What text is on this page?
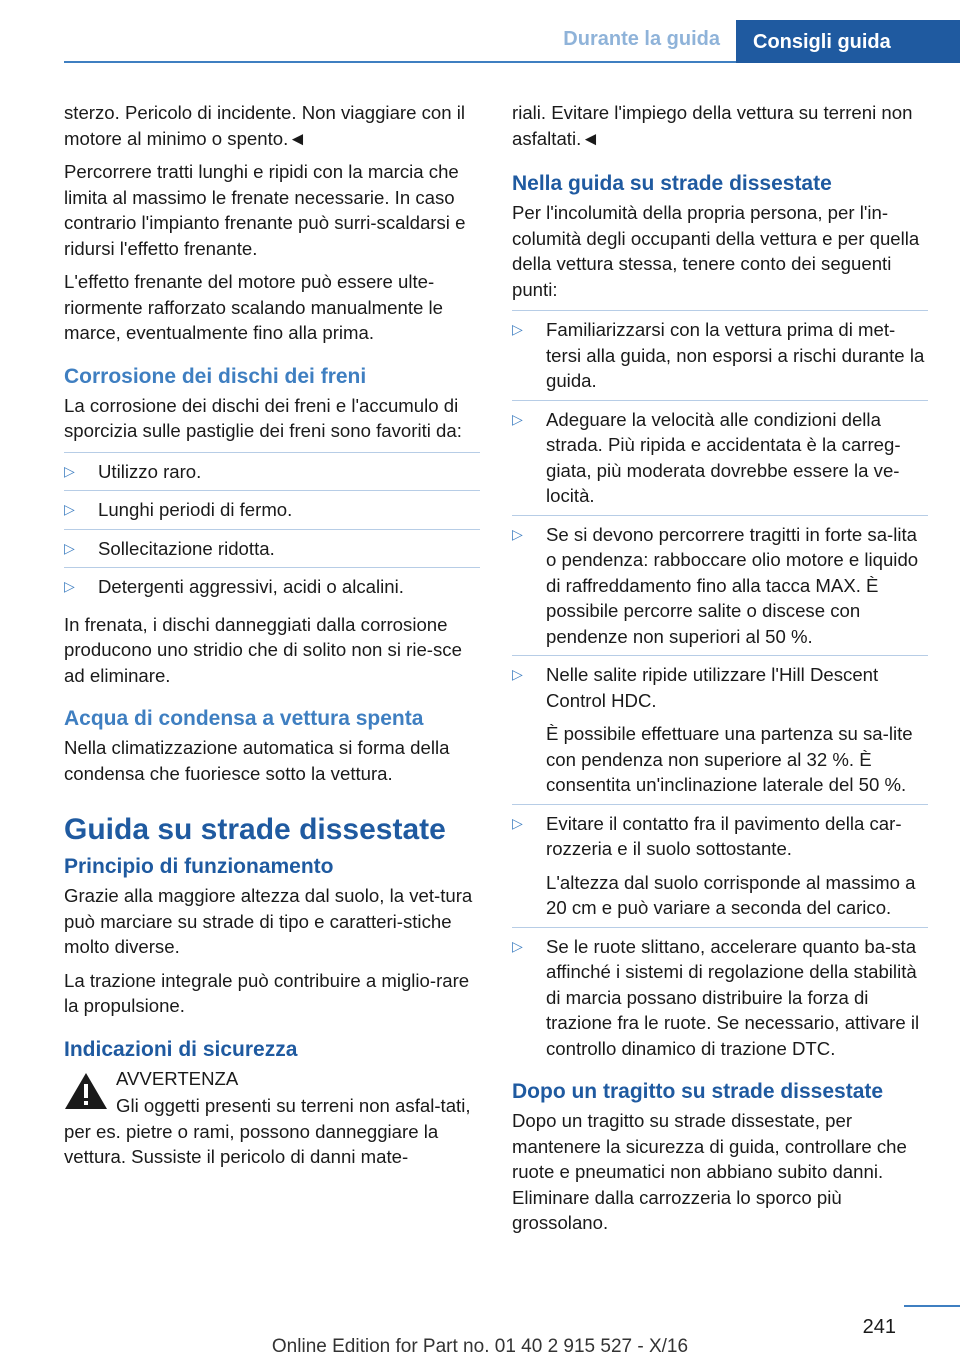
Durante la guida	Consigli guida

sterzo. Pericolo di incidente. Non viaggiare con il motore al minimo o spento.◄

Percorrere tratti lunghi e ripidi con la marcia che limita al massimo le frenate necessarie. In caso contrario l'impianto frenante può surri‐scaldarsi e ridursi l'effetto frenante.

L'effetto frenante del motore può essere ulte‐riormente rafforzato scalando manualmente le marce, eventualmente fino alla prima.

Corrosione dei dischi dei freni

La corrosione dei dischi dei freni e l'accumulo di sporcizia sulle pastiglie dei freni sono favoriti da:

▷ Utilizzo raro.

▷ Lunghi periodi di fermo.

▷ Sollecitazione ridotta.

▷ Detergenti aggressivi, acidi o alcalini.

In frenata, i dischi danneggiati dalla corrosione producono uno stridio che di solito non si rie‐sce ad eliminare.

Acqua di condensa a vettura spenta

Nella climatizzazione automatica si forma della condensa che fuoriesce sotto la vettura.

Guida su strade dissestate
Principio di funzionamento

Grazie alla maggiore altezza dal suolo, la vet‐tura può marciare su strade di tipo e caratteri‐stiche molto diverse.

La trazione integrale può contribuire a miglio‐rare la propulsione.

Indicazioni di sicurezza

AVVERTENZA

Gli oggetti presenti su terreni non asfal‐tati, per es. pietre o rami, possono danneggiare la vettura. Sussiste il pericolo di danni mate‐

riali. Evitare l'impiego della vettura su terreni non asfaltati.◄

Nella guida su strade dissestate

Per l'incolumità della propria persona, per l'in‐columità degli occupanti della vettura e per quella della vettura stessa, tenere conto dei seguenti punti:

▷ Familiarizzarsi con la vettura prima di met‐tersi alla guida, non esporsi a rischi durante la guida.

▷ Adeguare la velocità alle condizioni della strada. Più ripida e accidentata è la carreg‐giata, più moderata dovrebbe essere la ve‐locità.

▷ Se si devono percorrere tragitti in forte sa‐lita o pendenza: rabboccare olio motore e liquido di raffreddamento fino alla tacca MAX. È possibile percorre salite o discese con pendenze non superiori al 50 %.

▷ Nelle salite ripide utilizzare l'Hill Descent Control HDC.

È possibile effettuare una partenza su sa‐lite con pendenza non superiore al 32 %. È consentita un'inclinazione laterale del 50 %.

▷ Evitare il contatto fra il pavimento della car‐rozzeria e il suolo sottostante.

L'altezza dal suolo corrisponde al massimo a 20 cm e può variare a seconda del carico.

▷ Se le ruote slittano, accelerare quanto ba‐sta affinché i sistemi di regolazione della stabilità di marcia possano distribuire la forza di trazione fra le ruote. Se necessario, attivare il controllo dinamico di trazione DTC.

Dopo un tragitto su strade dissestate

Dopo un tragitto su strade dissestate, per mantenere la sicurezza di guida, controllare che ruote e pneumatici non abbiano subito danni. Eliminare dalla carrozzeria lo sporco più grossolano.

241
Online Edition for Part no. 01 40 2 915 527 - X/16
